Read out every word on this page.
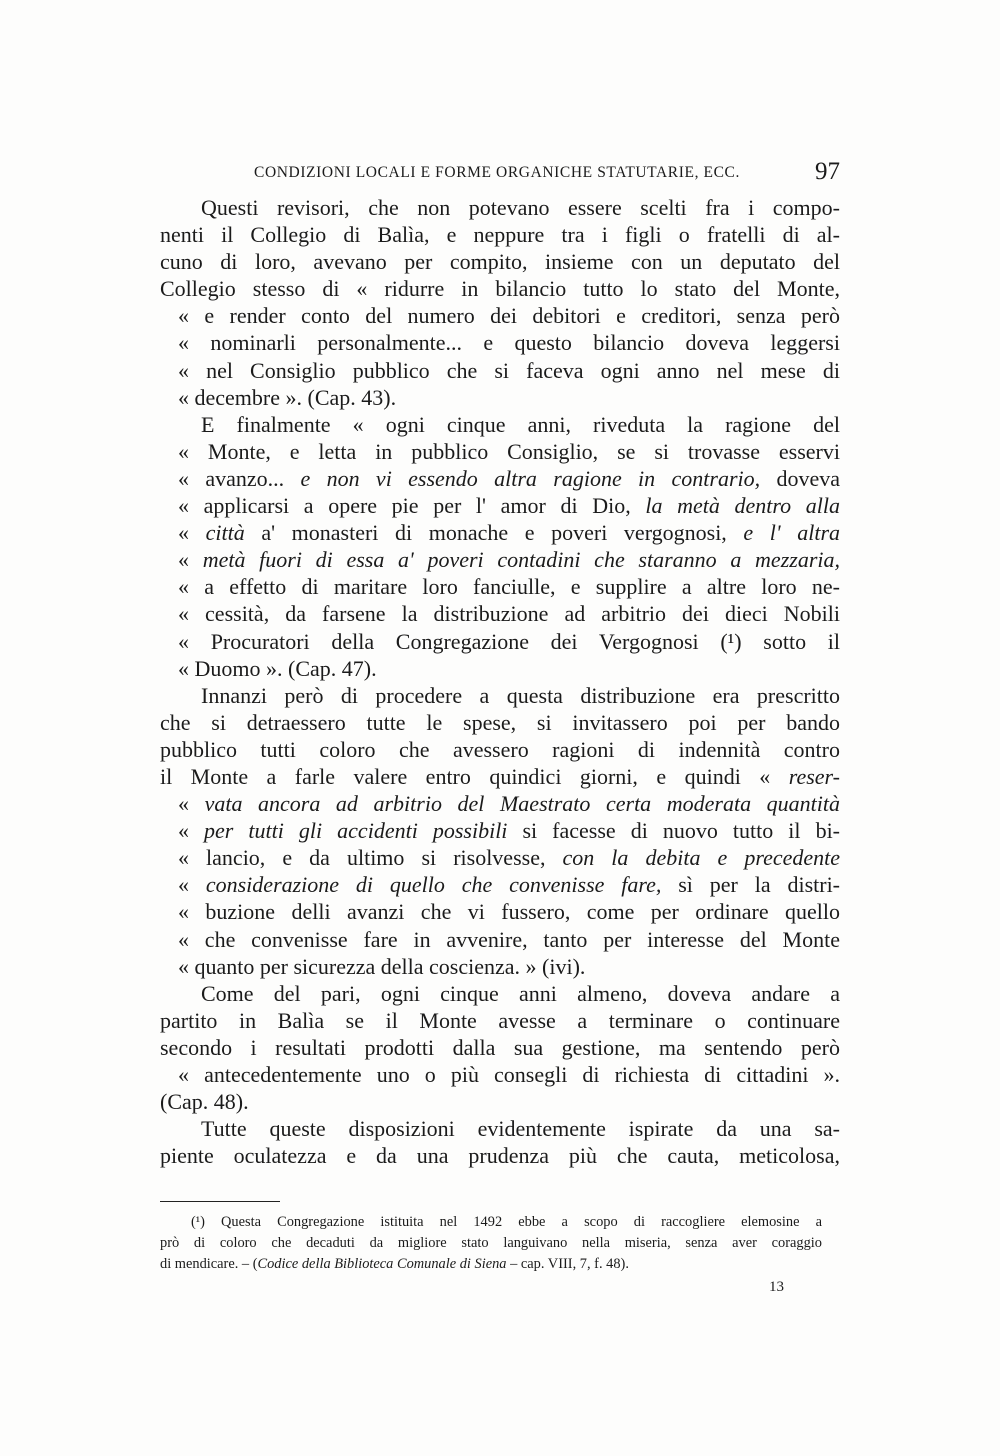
CONDIZIONI LOCALI E FORME ORGANICHE STATUTARIE, ECC.	97
Questi revisori, che non potevano essere scelti fra i compo-
nenti il Collegio di Balìa, e neppure tra i figli o fratelli di al-
cuno di loro, avevano per compito, insieme con un deputato del
Collegio stesso di « ridurre in bilancio tutto lo stato del Monte,
« e render conto del numero dei debitori e creditori, senza però
« nominarli personalmente... e questo bilancio doveva leggersi
« nel Consiglio pubblico che si faceva ogni anno nel mese di
« decembre ». (Cap. 43).
E finalmente « ogni cinque anni, riveduta la ragione del
« Monte, e letta in pubblico Consiglio, se si trovasse esservi
« avanzo... e non vi essendo altra ragione in contrario, doveva
« applicarsi a opere pie per l' amor di Dio, la metà dentro alla
« città a' monasteri di monache e poveri vergognosi, e l' altra
« metà fuori di essa a' poveri contadini che staranno a mezzaria,
« a effetto di maritare loro fanciulle, e supplire a altre loro ne-
« cessità, da farsene la distribuzione ad arbitrio dei dieci Nobili
« Procuratori della Congregazione dei Vergognosi (¹) sotto il
« Duomo ». (Cap. 47).
Innanzi però di procedere a questa distribuzione era prescritto
che si detraessero tutte le spese, si invitassero poi per bando
pubblico tutti coloro che avessero ragioni di indennità contro
il Monte a farle valere entro quindici giorni, e quindi « reser-
« vata ancora ad arbitrio del Maestrato certa moderata quantità
« per tutti gli accidenti possibili si facesse di nuovo tutto il bi-
« lancio, e da ultimo si risolvesse, con la debita e precedente
« considerazione di quello che convenisse fare, sì per la distri-
« buzione delli avanzi che vi fussero, come per ordinare quello
« che convenisse fare in avvenire, tanto per interesse del Monte
« quanto per sicurezza della coscienza. » (ivi).
Come del pari, ogni cinque anni almeno, doveva andare a
partito in Balìa se il Monte avesse a terminare o continuare
secondo i resultati prodotti dalla sua gestione, ma sentendo però
« antecedentemente uno o più consegli di richiesta di cittadini ».
(Cap. 48).
Tutte queste disposizioni evidentemente ispirate da una sa-
piente oculatezza e da una prudenza più che cauta, meticolosa,
(¹) Questa Congregazione istituita nel 1492 ebbe a scopo di raccogliere elemosine a
prò di coloro che decaduti da migliore stato languivano nella miseria, senza aver coraggio
di mendicare. – (Codice della Biblioteca Comunale di Siena – cap. VIII, 7, f. 48).
13
